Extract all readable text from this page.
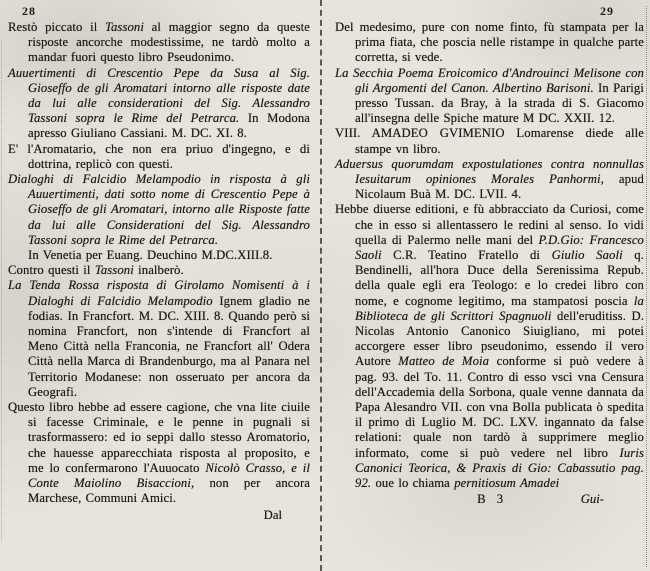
28

Restò piccato il Tassoni al maggior segno da queste risposte ancorche modestissime, ne tardò molto a mandar fuori questo libro Pseudonimo.

Auuertimenti di Crescentio Pepe da Susa al Sig. Gioseffo de gli Aromatari intorno alle risposte date da lui alle considerationi del Sig. Alessandro Tassoni sopra le Rime del Petrarca. In Modona apresso Giuliano Cassiani. M. DC. XI. 8.

E' l'Aromatario, che non era priuo d'ingegno, e di dottrina, replicò con questi.

Dialoghi di Falcidio Melampodio in risposta à gli Auuertimenti, dati sotto nome di Crescentio Pepe à Gioseffo de gli Aromatari, intorno alle Risposte fatte da lui alle Considerationi del Sig. Alessandro Tassoni sopra le Rime del Petrarca.

In Venetia per Euang. Deuchino M.DC.XIII.8.

Contro questi il Tassoni inalberò.

La Tenda Rossa risposta di Girolamo Nomisenti à i Dialoghi di Falcidio Melampodio Ignem gladio ne fodias. In Francfort. M. DC. XIII. 8. Quando però si nomina Francfort, non s'intende di Francfort al Meno Città nella Franconia, ne Francfort all' Odera Città nella Marca di Brandenburgo, ma al Panara nel Territorio Modanese: non osseruato per ancora da Geografi.

Questo libro hebbe ad essere cagione, che vna lite ciuile si facesse Criminale, e le penne in pugnali si trasformassero: ed io seppi dallo stesso Aromatorio, che hauesse apparecchiata risposta al proposito, e me lo confermarono l'Auuocato Nicolò Crasso, e il Conte Maiolino Bisaccioni, non per ancora Marchese, Communi Amici.

Dal
29

Del medesimo, pure con nome finto, fù stampata per la prima fiata, che poscia nelle ristampe in qualche parte corretta, si vede.

La Secchia Poema Eroicomico d'Androuinci Melisone con gli Argomenti del Canon. Albertino Barisoni. In Parigi presso Tussan. da Bray, à la strada di S. Giacomo all'insegna delle Spiche mature M DC. XXII. 12.

VIII. AMADEO GVIMENIO Lomarense diede alle stampe vn libro.

Aduersus quorumdam expostulationes contra nonnullas Iesuitarum opiniones Morales Panhormi, apud Nicolaum Buà M. DC. LVII. 4.

Hebbe diuerse editioni, e fù abbracciato da Curiosi, come che in esso si allentassero le redini al senso. Io vidi quella di Palermo nelle mani del P.D.Gio: Francesco Saoli C.R. Teatino Fratello di Giulio Saoli q. Bendinelli, all'hora Duce della Serenissima Repub. della quale egli era Teologo: e lo credei libro con nome, e cognome legitimo, ma stampatosi poscia la Biblioteca de gli Scrittori Spagnuoli dell'eruditiss. D. Nicolas Antonio Canonico Siuigliano, mi potei accorgere esser libro pseudonimo, essendo il vero Autore Matteo de Moia conforme si può vedere à pag. 93. del To. 11. Contro di esso vscì vna Censura dell'Accademia della Sorbona, quale venne dannata da Papa Alesandro VII. con vna Bolla publicata ò spedita il primo di Luglio M. DC. LXV. ingannato da false relationi: quale non tardò à supprimere meglio informato, come si può vedere nel libro Iuris Canonici Teorica, & Praxis di Gio: Cabassutio pag. 92. oue lo chiama pernitiosum Amadei

B 3	Gui-
